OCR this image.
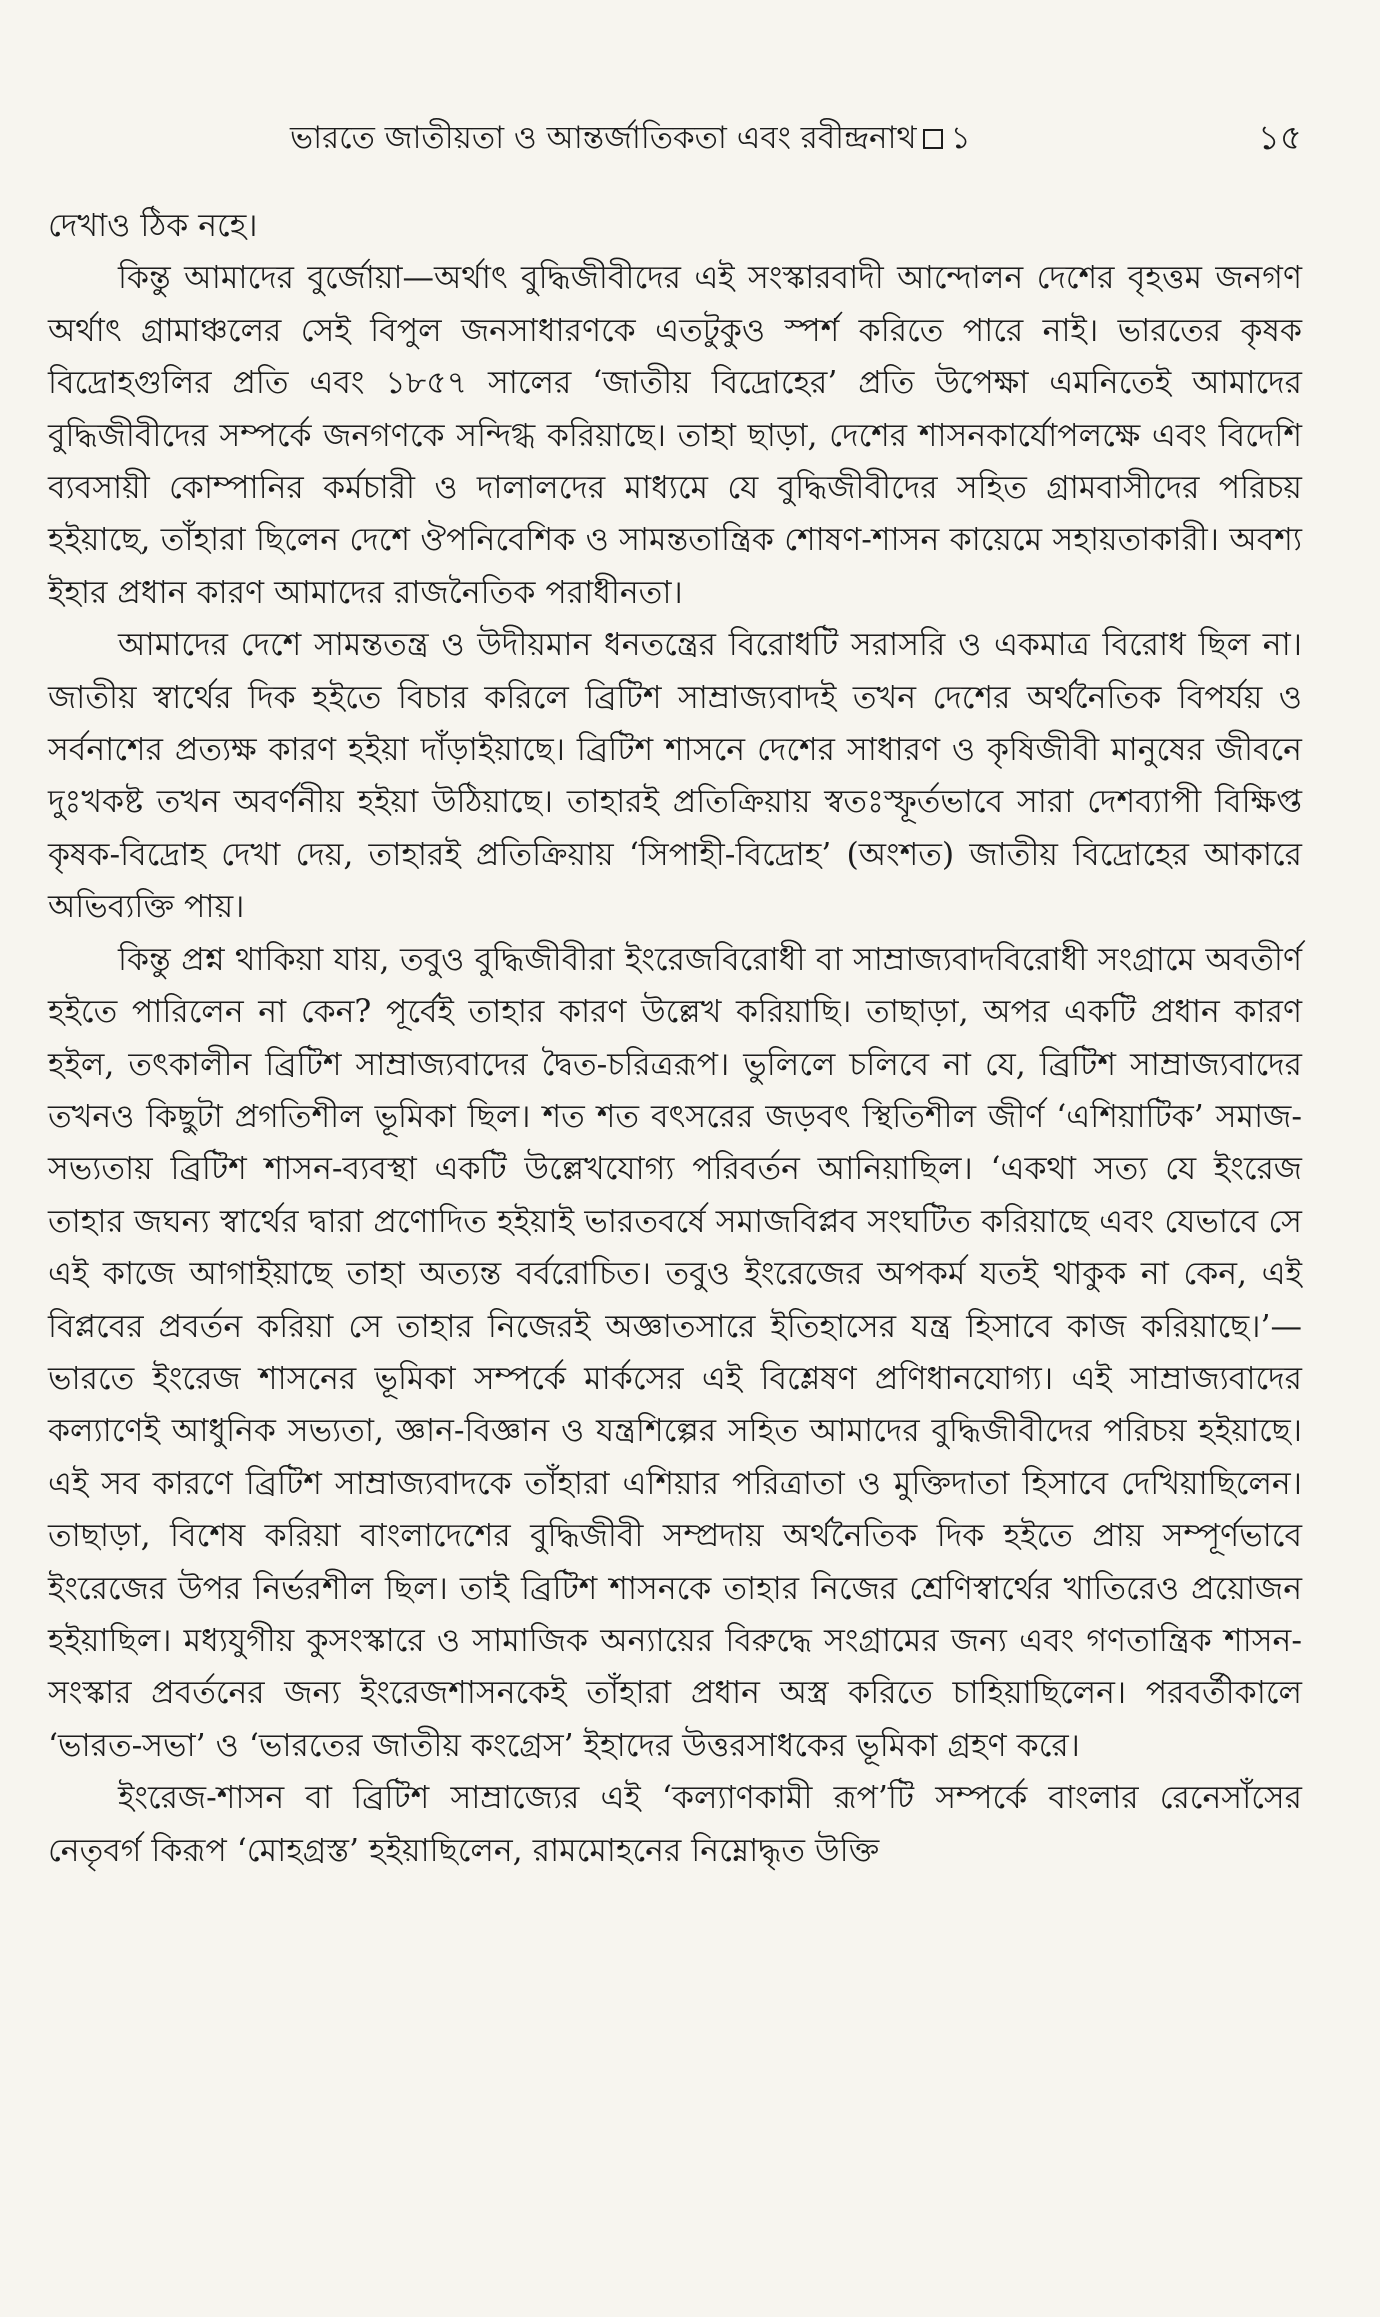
ভারতে জাতীয়তা ও আন্তর্জাতিকতা এবং রবীন্দ্রনাথ ১	১৫

দেখাও ঠিক নহে।

কিন্তু আমাদের বুর্জোয়া—অর্থাৎ বুদ্ধিজীবীদের এই সংস্কারবাদী আন্দোলন দেশের বৃহত্তম জনগণ অর্থাৎ গ্রামাঞ্চলের সেই বিপুল জনসাধারণকে এতটুকুও স্পর্শ করিতে পারে নাই। ভারতের কৃষক বিদ্রোহগুলির প্রতি এবং ১৮৫৭ সালের ‘জাতীয় বিদ্রোহের’ প্রতি উপেক্ষা এমনিতেই আমাদের বুদ্ধিজীবীদের সম্পর্কে জনগণকে সন্দিগ্ধ করিয়াছে। তাহা ছাড়া, দেশের শাসনকার্যোপলক্ষে এবং বিদেশি ব্যবসায়ী কোম্পানির কর্মচারী ও দালালদের মাধ্যমে যে বুদ্ধিজীবীদের সহিত গ্রামবাসীদের পরিচয় হইয়াছে, তাঁহারা ছিলেন দেশে ঔপনিবেশিক ও সামন্ততান্ত্রিক শোষণ-শাসন কায়েমে সহায়তাকারী। অবশ্য ইহার প্রধান কারণ আমাদের রাজনৈতিক পরাধীনতা।

আমাদের দেশে সামন্ততন্ত্র ও উদীয়মান ধনতন্ত্রের বিরোধটি সরাসরি ও একমাত্র বিরোধ ছিল না। জাতীয় স্বার্থের দিক হইতে বিচার করিলে ব্রিটিশ সাম্রাজ্যবাদই তখন দেশের অর্থনৈতিক বিপর্যয় ও সর্বনাশের প্রত্যক্ষ কারণ হইয়া দাঁড়াইয়াছে। ব্রিটিশ শাসনে দেশের সাধারণ ও কৃষিজীবী মানুষের জীবনে দুঃখকষ্ট তখন অবর্ণনীয় হইয়া উঠিয়াছে। তাহারই প্রতিক্রিয়ায় স্বতঃস্ফূর্তভাবে সারা দেশব্যাপী বিক্ষিপ্ত কৃষক-বিদ্রোহ দেখা দেয়, তাহারই প্রতিক্রিয়ায় ‘সিপাহী-বিদ্রোহ’ (অংশত) জাতীয় বিদ্রোহের আকারে অভিব্যক্তি পায়।

কিন্তু প্রশ্ন থাকিয়া যায়, তবুও বুদ্ধিজীবীরা ইংরেজবিরোধী বা সাম্রাজ্যবাদবিরোধী সংগ্রামে অবতীর্ণ হইতে পারিলেন না কেন? পূর্বেই তাহার কারণ উল্লেখ করিয়াছি। তাছাড়া, অপর একটি প্রধান কারণ হইল, তৎকালীন ব্রিটিশ সাম্রাজ্যবাদের দ্বৈত-চরিত্ররূপ। ভুলিলে চলিবে না যে, ব্রিটিশ সাম্রাজ্যবাদের তখনও কিছুটা প্রগতিশীল ভূমিকা ছিল। শত শত বৎসরের জড়বৎ স্থিতিশীল জীর্ণ ‘এশিয়াটিক’ সমাজ-সভ্যতায় ব্রিটিশ শাসন-ব্যবস্থা একটি উল্লেখযোগ্য পরিবর্তন আনিয়াছিল। ‘একথা সত্য যে ইংরেজ তাহার জঘন্য স্বার্থের দ্বারা প্রণোদিত হইয়াই ভারতবর্ষে সমাজবিপ্লব সংঘটিত করিয়াছে এবং যেভাবে সে এই কাজে আগাইয়াছে তাহা অত্যন্ত বর্বরোচিত। তবুও ইংরেজের অপকর্ম যতই থাকুক না কেন, এই বিপ্লবের প্রবর্তন করিয়া সে তাহার নিজেরই অজ্ঞাতসারে ইতিহাসের যন্ত্র হিসাবে কাজ করিয়াছে।’—ভারতে ইংরেজ শাসনের ভূমিকা সম্পর্কে মার্কসের এই বিশ্লেষণ প্রণিধানযোগ্য। এই সাম্রাজ্যবাদের কল্যাণেই আধুনিক সভ্যতা, জ্ঞান-বিজ্ঞান ও যন্ত্রশিল্পের সহিত আমাদের বুদ্ধিজীবীদের পরিচয় হইয়াছে। এই সব কারণে ব্রিটিশ সাম্রাজ্যবাদকে তাঁহারা এশিয়ার পরিত্রাতা ও মুক্তিদাতা হিসাবে দেখিয়াছিলেন। তাছাড়া, বিশেষ করিয়া বাংলাদেশের বুদ্ধিজীবী সম্প্রদায় অর্থনৈতিক দিক হইতে প্রায় সম্পূর্ণভাবে ইংরেজের উপর নির্ভরশীল ছিল। তাই ব্রিটিশ শাসনকে তাহার নিজের শ্রেণিস্বার্থের খাতিরেও প্রয়োজন হইয়াছিল। মধ্যযুগীয় কুসংস্কারে ও সামাজিক অন্যায়ের বিরুদ্ধে সংগ্রামের জন্য এবং গণতান্ত্রিক শাসন-সংস্কার প্রবর্তনের জন্য ইংরেজশাসনকেই তাঁহারা প্রধান অস্ত্র করিতে চাহিয়াছিলেন। পরবর্তীকালে ‘ভারত-সভা’ ও ‘ভারতের জাতীয় কংগ্রেস’ ইহাদের উত্তরসাধকের ভূমিকা গ্রহণ করে।

ইংরেজ-শাসন বা ব্রিটিশ সাম্রাজ্যের এই ‘কল্যাণকামী রূপ’টি সম্পর্কে বাংলার রেনেসাঁসের নেতৃবর্গ কিরূপ ‘মোহগ্রস্ত’ হইয়াছিলেন, রামমোহনের নিম্নোদ্ধৃত উক্তি
